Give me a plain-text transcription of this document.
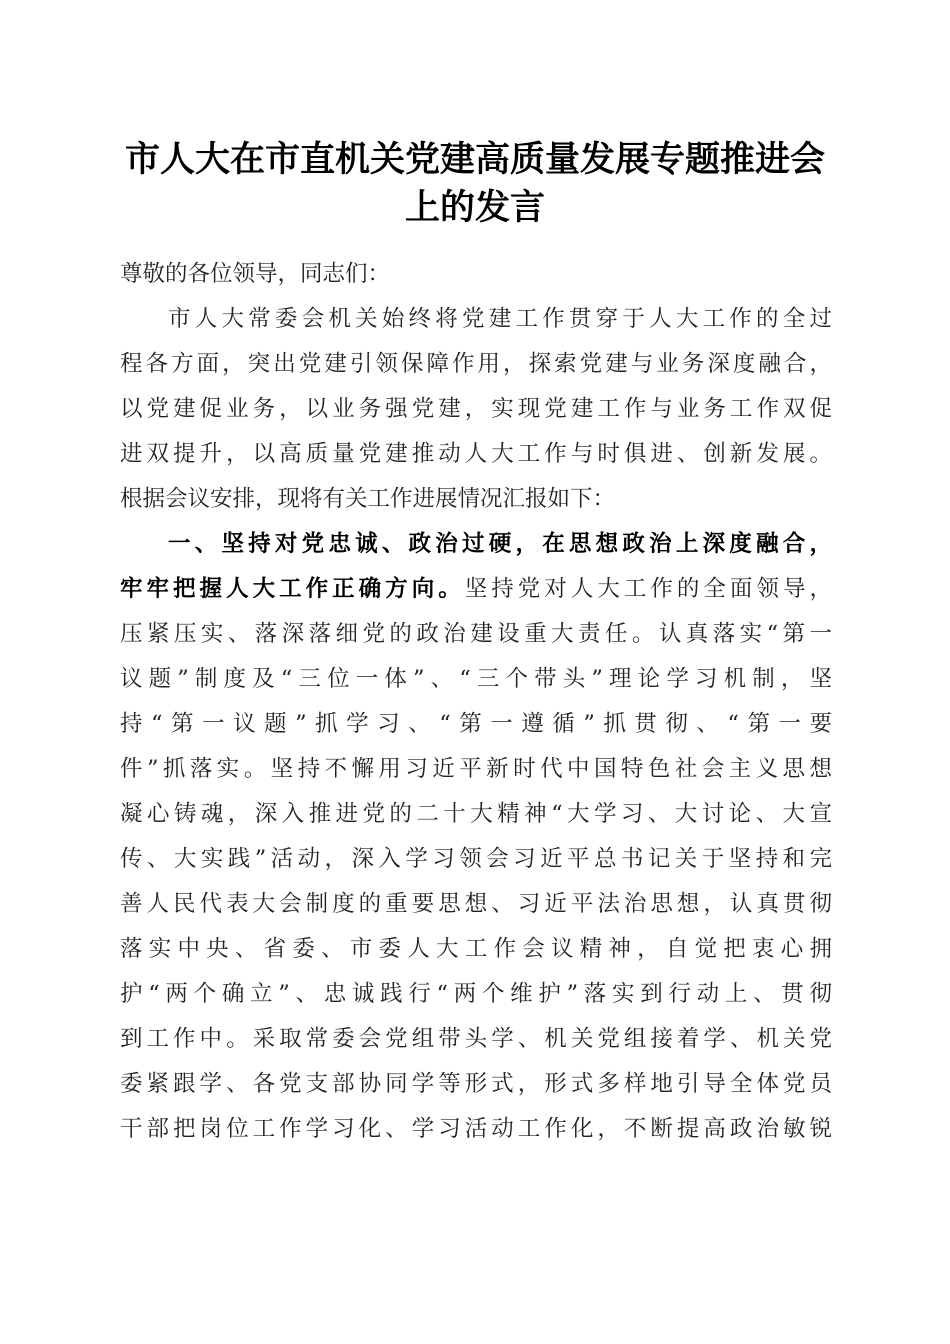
市人大在市直机关党建高质量发展专题推进会
上的发言
尊敬的各位领导，同志们：
市人大常委会机关始终将党建工作贯穿于人大工作的全过
程各方面，突出党建引领保障作用，探索党建与业务深度融合，
以党建促业务，以业务强党建，实现党建工作与业务工作双促
进双提升，以高质量党建推动人大工作与时俱进、创新发展。
根据会议安排，现将有关工作进展情况汇报如下：
一、坚持对党忠诚、政治过硬，在思想政治上深度融合，
牢牢把握人大工作正确方向。坚持党对人大工作的全面领导，
压紧压实、落深落细党的政治建设重大责任。认真落实“第一
议题”制度及“三位一体”、“三个带头”理论学习机制，坚
持“第一议题”抓学习、“第一遵循”抓贯彻、“第一要
件”抓落实。坚持不懈用习近平新时代中国特色社会主义思想
凝心铸魂，深入推进党的二十大精神“大学习、大讨论、大宣
传、大实践”活动，深入学习领会习近平总书记关于坚持和完
善人民代表大会制度的重要思想、习近平法治思想，认真贯彻
落实中央、省委、市委人大工作会议精神，自觉把衷心拥
护“两个确立”、忠诚践行“两个维护”落实到行动上、贯彻
到工作中。采取常委会党组带头学、机关党组接着学、机关党
委紧跟学、各党支部协同学等形式，形式多样地引导全体党员
干部把岗位工作学习化、学习活动工作化，不断提高政治敏锐
